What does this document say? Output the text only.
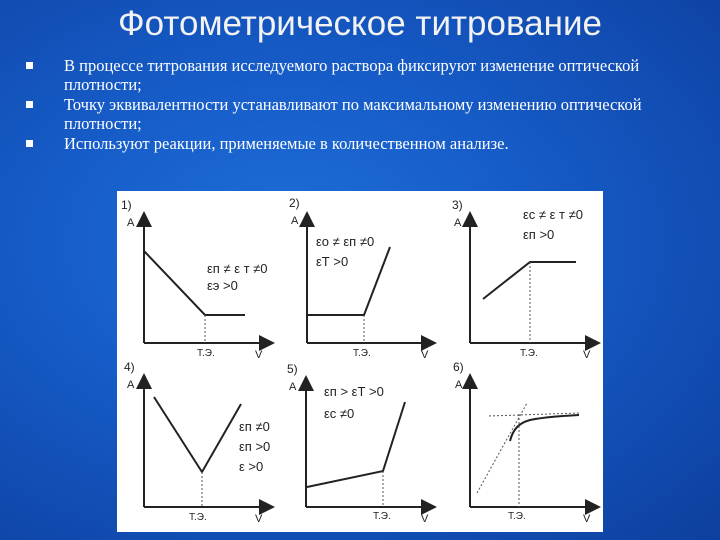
Фотометрическое титрование
В процессе титрования исследуемого раствора фиксируют изменение оптической плотности;
Точку эквивалентности устанавливают по максимальному изменению оптической плотности;
Используют реакции, применяемые в количественном анализе.
1)
A
Т.Э.	V
εп ≠ ε т ≠0
εэ >0
2)
A
Т.Э.	V
εо ≠ εп ≠0
εТ >0
3)
A
Т.Э.	V
εс ≠ ε т ≠0
εп >0
4)
A
Т.Э.	V
εп ≠0
εп >0
ε >0
5)
A
Т.Э.	V
εп > εТ >0
εс ≠0
6)
A
Т.Э.	V
